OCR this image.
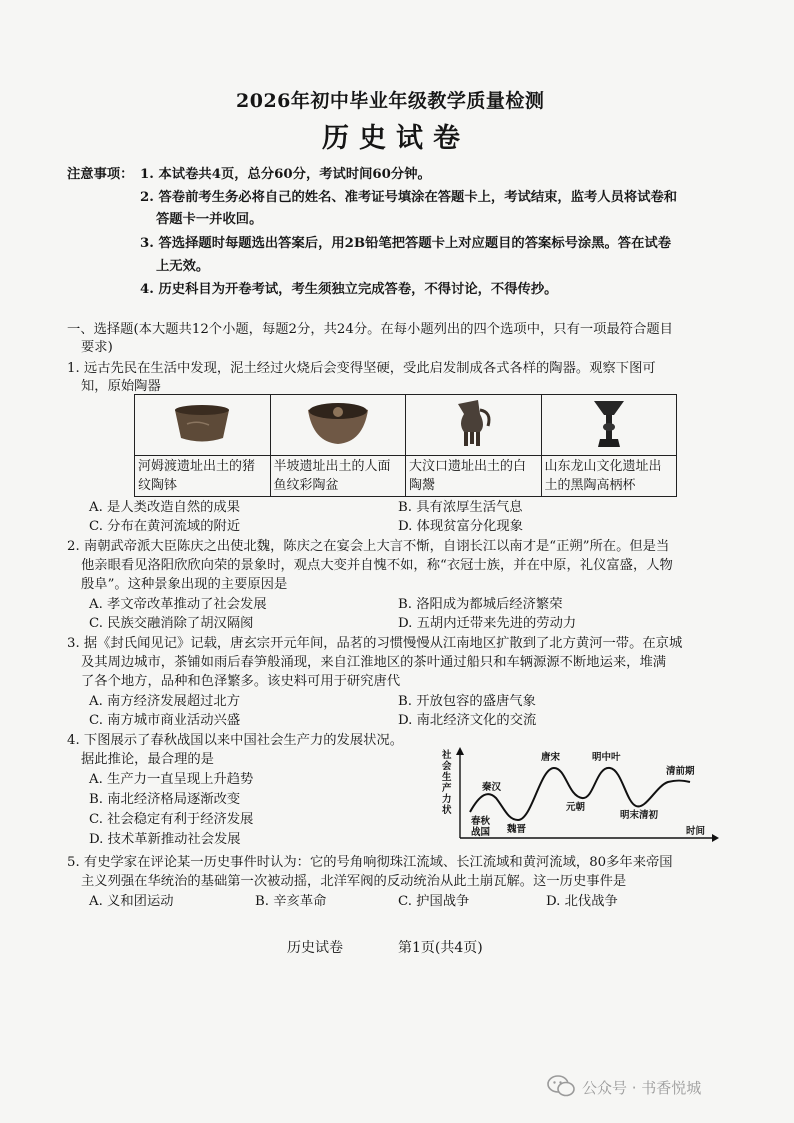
2026年初中毕业年级教学质量检测
历史试卷
注意事项： 1. 本试卷共4页，总分60分，考试时间60分钟。
2. 答卷前考生务必将自己的姓名、准考证号填涂在答题卡上，考试结束，监考人员将试卷和
答题卡一并收回。
3. 答选择题时每题选出答案后，用2B铅笔把答题卡上对应题目的答案标号涂黑。答在试卷
上无效。
4. 历史科目为开卷考试，考生须独立完成答卷，不得讨论，不得传抄。
一、选择题(本大题共12个小题，每题2分，共24分。在每小题列出的四个选项中，只有一项最符合题目
要求)
1. 远古先民在生活中发现，泥土经过火烧后会变得坚硬，受此启发制成各式各样的陶器。观察下图可
知，原始陶器

河姆渡遗址出土的猪纹陶钵	半坡遗址出土的人面鱼纹彩陶盆	大汶口遗址出土的白陶鬶	山东龙山文化遗址出土的黑陶高柄杯
A. 是人类改造自然的成果	B. 具有浓厚生活气息
C. 分布在黄河流域的附近	D. 体现贫富分化现象
2. 南朝武帝派大臣陈庆之出使北魏，陈庆之在宴会上大言不惭，自诩长江以南才是“正朔”所在。但是当
他亲眼看见洛阳欣欣向荣的景象时，观点大变并自愧不如，称“衣冠士族，并在中原，礼仪富盛，人物
殷阜”。这种景象出现的主要原因是
A. 孝文帝改革推动了社会发展	B. 洛阳成为都城后经济繁荣
C. 民族交融消除了胡汉隔阂	D. 五胡内迁带来先进的劳动力
3. 据《封氏闻见记》记载，唐玄宗开元年间，品茗的习惯慢慢从江南地区扩散到了北方黄河一带。在京城
及其周边城市，茶铺如雨后春笋般涌现，来自江淮地区的茶叶通过船只和车辆源源不断地运来，堆满
了各个地方，品种和色泽繁多。该史料可用于研究唐代
A. 南方经济发展超过北方	B. 开放包容的盛唐气象
C. 南方城市商业活动兴盛	D. 南北经济文化的交流
4. 下图展示了春秋战国以来中国社会生产力的发展状况。
据此推论，最合理的是
A. 生产力一直呈现上升趋势
B. 南北经济格局逐渐改变
C. 社会稳定有利于经济发展
D. 技术革新推动社会发展
社
会
生
产
力
状
时间
春秋
战国
秦汉
魏晋
唐宋
元朝
明中叶
明末清初
清前期
5. 有史学家在评论某一历史事件时认为：它的号角响彻珠江流域、长江流域和黄河流域，80多年来帝国
主义列强在华统治的基础第一次被动摇，北洋军阀的反动统治从此土崩瓦解。这一历史事件是
A. 义和团运动	B. 辛亥革命	C. 护国战争	D. 北伐战争
历史试卷	第1页(共4页)
公众号 · 书香悦城
